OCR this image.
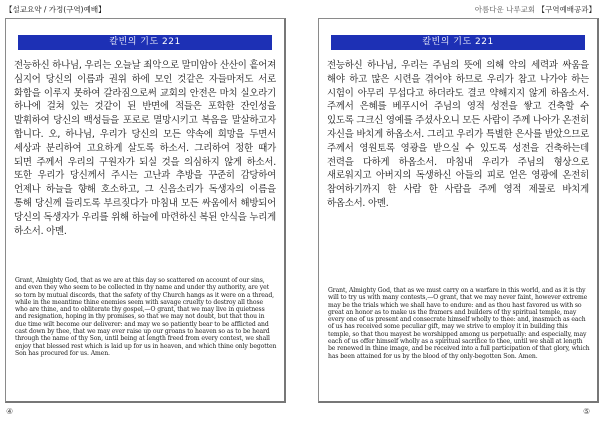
【설교요약 / 가정(구역)예배】	아름다운 나루교회 【구역예배공과】
칼빈의 기도 221

전능하신 하나님, 우리는 오늘날 죄악으로 말미암아 산산이 흩어져 심지어 당신의 이름과 권위 하에 모인 것같은 자들마저도 서로 화합을 이루지 못하여 갈라짐으로써 교회의 안전은 마치 실오라기 하나에 걸쳐 있는 것같이 된 반면에 적들은 포학한 잔인성을 발휘하여 당신의 백성들을 포로로 멸망시키고 복음을 말살하고자 합니다. 오, 하나님, 우리가 당신의 모든 약속에 희망을 두면서 세상과 분리하여 고요하게 살도록 하소서. 그리하여 정한 때가 되면 주께서 우리의 구원자가 되실 것을 의심하지 않게 하소서. 또한 우리가 당신께서 주시는 고난과 추방을 꾸준히 감당하여 언제나 하늘을 향해 호소하고, 그 신음소리가 독생자의 이름을 통해 당신께 들리도록 부르짖다가 마침내 모든 싸움에서 해방되어 당신의 독생자가 우리를 위해 하늘에 마련하신 복된 안식을 누리게 하소서. 아멘.

Grant, Almighty God, that as we are at this day so scattered on account of our sins, and even they who seem to be collected in thy name and under thy authority, are yet so torn by mutual discords, that the safety of thy Church hangs as it were on a thread, while in the meantime thine enemies seem with savage cruelty to destroy all those who are thine, and to obliterate thy gospel,—O grant, that we may live in quietness and resignation, hoping in thy promises, so that we may not doubt, but that thou in due time wilt become our deliverer: and may we so patiently bear to be afflicted and cast down by thee, that we may ever raise up our groans to heaven so as to be heard through the name of thy Son, until being at length freed from every contest, we shall enjoy that blessed rest which is laid up for us in heaven, and which thine only begotten Son has procured for us. Amen.

칼빈의 기도 221

전능하신 하나님, 우리는 주님의 뜻에 의해 악의 세력과 싸움을 해야 하고 많은 시련을 겪어야 하므로 우리가 참고 나가야 하는 시험이 아무리 무섭다고 하더라도 결코 약해지지 않게 하옵소서. 주께서 은혜를 베푸시어 주님의 영적 성전을 쌓고 건축할 수 있도록 그크신 영예를 주셨사오니 모든 사람이 주께 나아가 온전히 자신을 바치게 하옵소서. 그리고 우리가 특별한 은사를 받았으므로 주께서 영원토록 영광을 받으실 수 있도록 성전을 건축하는데 전력을 다하게 하옵소서. 마침내 우리가 주님의 형상으로 새로워지고 아버지의 독생하신 아들의 피로 얻은 영광에 온전히 참여하기까지 한 사람 한 사람을 주께 영적 제물로 바치게 하옵소서. 아멘.

Grant, Almighty God, that as we must carry on a warfare in this world, and as it is thy will to try us with many contests,—O grant, that we may never faint, however extreme may be the trials which we shall have to endure: and as thou hast favored us with so great an honor as to make us the framers and builders of thy spiritual temple, may every one of us present and consecrate himself wholly to thee: and, inasmuch as each of us has received some peculiar gift, may we strive to employ it in building this temple, so that thou mayest be worshipped among us perpetually: and especially, may each of us offer himself wholly as a spiritual sacrifice to thee, until we shall at length be renewed in thine image, and be received into a full participation of that glory, which has been attained for us by the blood of thy only-begotten Son. Amen.

④	⑤
